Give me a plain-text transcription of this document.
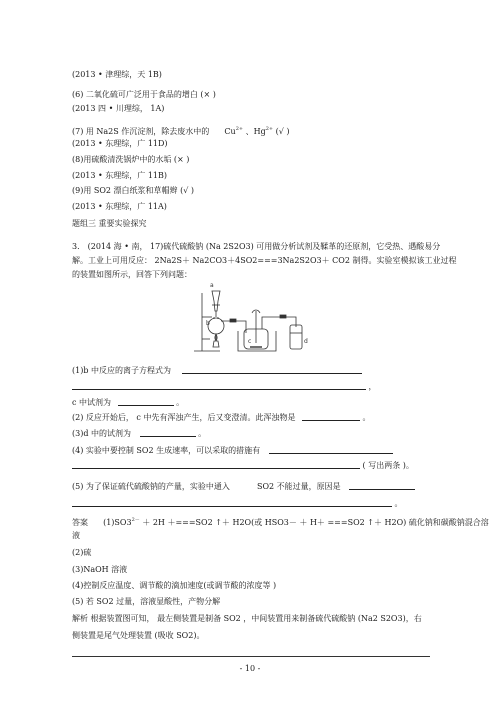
(2013 • 津理综，天 1B)
(6) 二氧化硫可广泛用于食品的增白 (× )
(2013 四 • 川理综， 1A)
(7) 用 Na2S 作沉淀剂，除去废水中的 $Cu^{2+}$ 、$Hg^{2+}$ (√ )
(2013 • 东理综，广 11D)
(8)用硫酸清洗锅炉中的水垢 (× )
(2013 • 东理综，广 11B)
(9)用 SO2 漂白纸浆和草帽辫 (√ )
(2013 • 东理综，广 11A)
题组三 重要实验探究
3． (2014 海 • 南， 17)硫代硫酸钠 (Na 2S2O3) 可用做分析试剂及鞣革的还原剂，它受热、遇酸易分
解。工业上可用反应： 2Na2S＋ Na2CO3＋4SO2===3Na2S2O3＋ CO2 制得。实验室模拟该工业过程
的装置如图所示，回答下列问题：
a
b
c	d
(1)b 中反应的离子方程式为
，
c 中试剂为	。
(2) 反应开始后， c 中先有浑浊产生，后又变澄清。此浑浊物是	。
(3)d 中的试剂为	。
(4) 实验中要控制 SO2 生成速率，可以采取的措施有
( 写出两条 )。
(5) 为了保证硫代硫酸钠的产量，实验中通入	SO2 不能过量，原因是
。
答案 $(1)SO3^{2-} + 2H +===SO2$ ↑＋ H2O(或 HSO3－ ＋ H＋ ===SO2 ↑＋ H2O) 硫化钠和碳酸钠混合溶
液
(2)硫
(3)NaOH 溶液
(4)控制反应温度、调节酸的滴加速度(或调节酸的浓度等 )
(5) 若 SO2 过量，溶液显酸性，产物分解
解析 根据装置图可知， 最左侧装置是制备 SO2 ，中间装置用来制备硫代硫酸钠 (Na2 S2O3)，右
侧装置是尾气处理装置 (吸收 SO2)。
- 10 -
